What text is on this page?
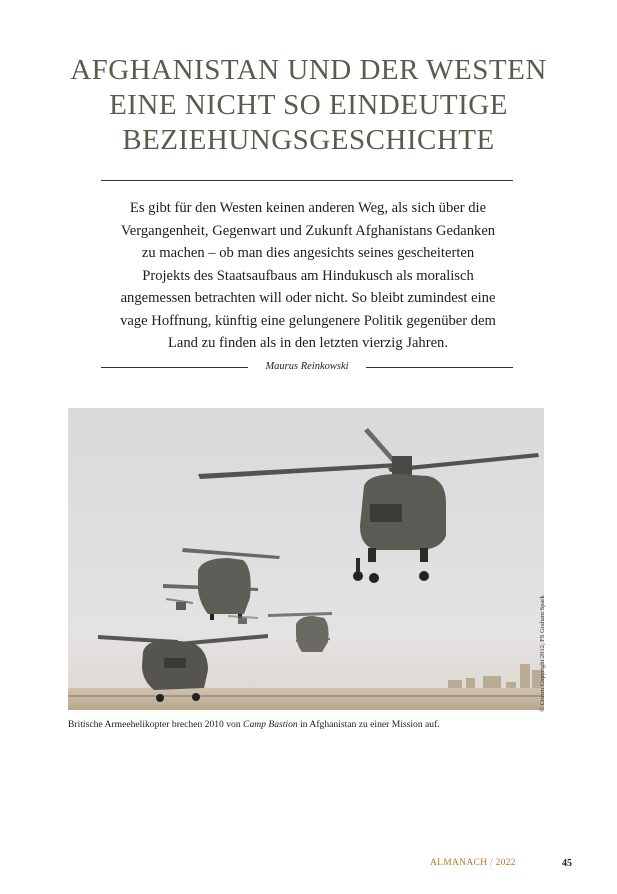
AFGHANISTAN UND DER WESTEN
EINE NICHT SO EINDEUTIGE
BEZIEHUNGSGESCHICHTE
Es gibt für den Westen keinen anderen Weg, als sich über die
Vergangenheit, Gegenwart und Zukunft Afghanistans Gedanken
zu machen – ob man dies angesichts seines gescheiterten
Projekts des Staatsaufbaus am Hindukusch als moralisch
angemessen betrachten will oder nicht. So bleibt zumindest eine
vage Hoffnung, künftig eine gelungenere Politik gegenüber dem
Land zu finden als in den letzten vierzig Jahren.
Maurus Reinkowski
© Crown Copyright 2012, FS Graham Spark
Britische Armeehelikopter brechen 2010 von Camp Bastion in Afghanistan zu einer Mission auf.
ALMANACH / 2022	45
